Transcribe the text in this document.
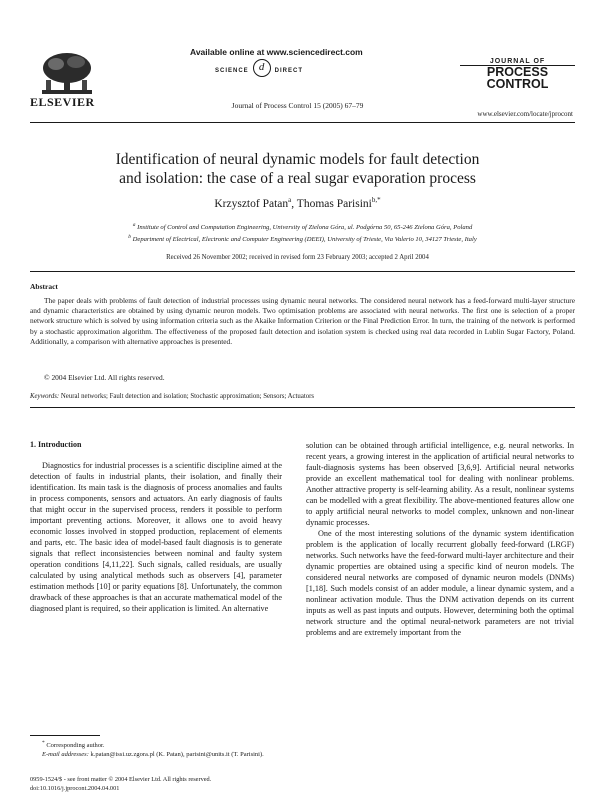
ELSEVIER
Available online at www.sciencedirect.com
SCIENCE d DIRECT
Journal of Process Control 15 (2005) 67–79
JOURNAL OF
PROCESS
CONTROL
www.elsevier.com/locate/jprocont
Identification of neural dynamic models for fault detection
and isolation: the case of a real sugar evaporation process
Krzysztof Patan$^a$, Thomas Parisini$^{b,*}$
$^a$ Institute of Control and Computation Engineering, University of Zielona Góra, ul. Podgórna 50, 65-246 Zielona Góra, Poland
$^b$ Department of Electrical, Electronic and Computer Engineering (DEEI), University of Trieste, Via Valerio 10, 34127 Trieste, Italy
Received 26 November 2002; received in revised form 23 February 2003; accepted 2 April 2004
Abstract
The paper deals with problems of fault detection of industrial processes using dynamic neural networks. The considered neural network has a feed-forward multi-layer structure and dynamic characteristics are obtained by using dynamic neuron models. Two optimisation problems are associated with neural networks. The first one is selection of a proper network structure which is solved by using information criteria such as the Akaike Information Criterion or the Final Prediction Error. In turn, the training of the network is performed by a stochastic approximation algorithm. The effectiveness of the proposed fault detection and isolation system is checked using real data recorded in Lublin Sugar Factory, Poland. Additionally, a comparison with alternative approaches is presented.
© 2004 Elsevier Ltd. All rights reserved.
Keywords: Neural networks; Fault detection and isolation; Stochastic approximation; Sensors; Actuators
1. Introduction

Diagnostics for industrial processes is a scientific discipline aimed at the detection of faults in industrial plants, their isolation, and finally their identification. Its main task is the diagnosis of process anomalies and faults in process components, sensors and actuators. An early diagnosis of faults that might occur in the supervised process, renders it possible to perform important preventing actions. Moreover, it allows one to avoid heavy economic losses involved in stopped production, replacement of elements and parts, etc. The basic idea of model-based fault diagnosis is to generate signals that reflect inconsistencies between nominal and faulty system operation conditions [4,11,22]. Such signals, called residuals, are usually calculated by using analytical methods such as observers [4], parameter estimation methods [10] or parity equations [8]. Unfortunately, the common drawback of these approaches is that an accurate mathematical model of the diagnosed plant is required, so their application is limited. An alternative

solution can be obtained through artificial intelligence, e.g. neural networks. In recent years, a growing interest in the application of artificial neural networks to fault-diagnosis systems has been observed [3,6,9]. Artificial neural networks provide an excellent mathematical tool for dealing with nonlinear problems. Another attractive property is self-learning ability. As a result, nonlinear systems can be modelled with a great flexibility. The above-mentioned features allow one to apply artificial neural networks to model complex, unknown and non-linear dynamic processes.

One of the most interesting solutions of the dynamic system identification problem is the application of locally recurrent globally feed-forward (LRGF) networks. Such networks have the feed-forward multi-layer architecture and their dynamic properties are obtained using a specific kind of neuron models. The considered neural networks are composed of dynamic neuron models (DNMs) [1,18]. Such models consist of an adder module, a linear dynamic system, and a nonlinear activation module. Thus the DNM activation depends on its current inputs as well as past inputs and outputs. However, determining both the optimal network structure and the optimal neural-network parameters are not trivial problems and are extremely important from the

* Corresponding author.
E-mail addresses: k.patan@issi.uz.zgora.pl (K. Patan), parisini@units.it (T. Parisini).
0959-1524/$ - see front matter © 2004 Elsevier Ltd. All rights reserved.
doi:10.1016/j.jprocont.2004.04.001
